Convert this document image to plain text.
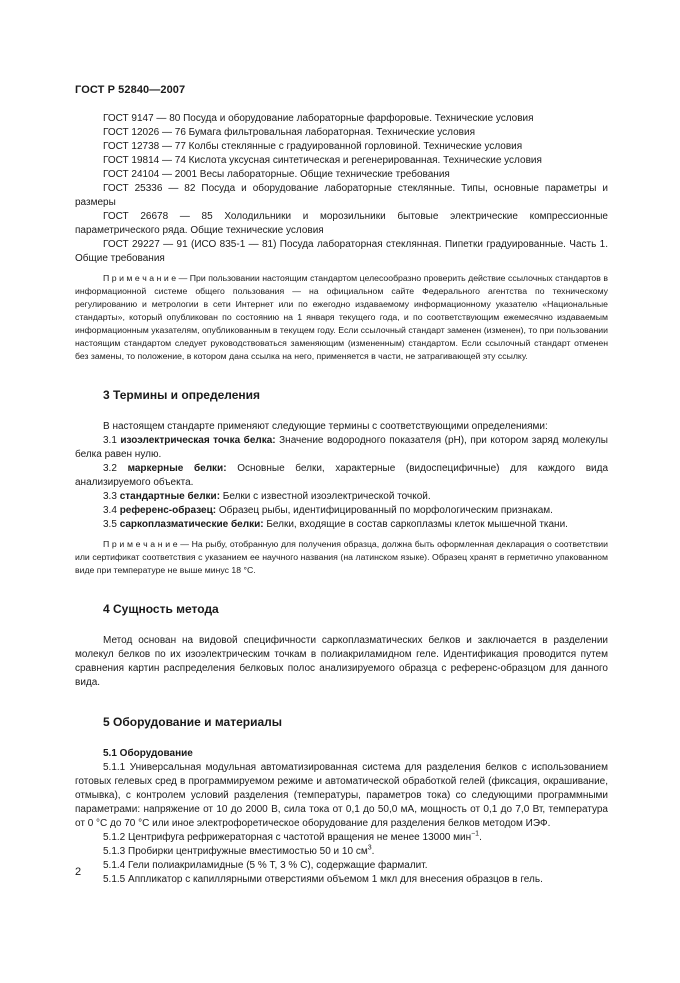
ГОСТ Р 52840—2007

ГОСТ 9147 — 80 Посуда и оборудование лабораторные фарфоровые. Технические условия

ГОСТ 12026 — 76 Бумага фильтровальная лабораторная. Технические условия

ГОСТ 12738 — 77 Колбы стеклянные с градуированной горловиной. Технические условия

ГОСТ 19814 — 74 Кислота уксусная синтетическая и регенерированная. Технические условия

ГОСТ 24104 — 2001 Весы лабораторные. Общие технические требования

ГОСТ 25336 — 82 Посуда и оборудование лабораторные стеклянные. Типы, основные параметры и размеры

ГОСТ 26678 — 85 Холодильники и морозильники бытовые электрические компрессионные параметрического ряда. Общие технические условия

ГОСТ 29227 — 91 (ИСО 835-1 — 81) Посуда лабораторная стеклянная. Пипетки градуированные. Часть 1. Общие требования

П р и м е ч а н и е — При пользовании настоящим стандартом целесообразно проверить действие ссылочных стандартов в информационной системе общего пользования — на официальном сайте Федерального агентства по техническому регулированию и метрологии в сети Интернет или по ежегодно издаваемому информационному указателю «Национальные стандарты», который опубликован по состоянию на 1 января текущего года, и по соответствующим ежемесячно издаваемым информационным указателям, опубликованным в текущем году. Если ссылочный стандарт заменен (изменен), то при пользовании настоящим стандартом следует руководствоваться заменяющим (измененным) стандартом. Если ссылочный стандарт отменен без замены, то положение, в котором дана ссылка на него, применяется в части, не затрагивающей эту ссылку.

3 Термины и определения

В настоящем стандарте применяют следующие термины с соответствующими определениями:

3.1 изоэлектрическая точка белка: Значение водородного показателя (pH), при котором заряд молекулы белка равен нулю.

3.2 маркерные белки: Основные белки, характерные (видоспецифичные) для каждого вида анализируемого объекта.

3.3 стандартные белки: Белки с известной изоэлектрической точкой.

3.4 референс-образец: Образец рыбы, идентифицированный по морфологическим признакам.

3.5 саркоплазматические белки: Белки, входящие в состав саркоплазмы клеток мышечной ткани.

П р и м е ч а н и е — На рыбу, отобранную для получения образца, должна быть оформленная декларация о соответствии или сертификат соответствия с указанием ее научного названия (на латинском языке). Образец хранят в герметично упакованном виде при температуре не выше минус 18 °С.

4 Сущность метода

Метод основан на видовой специфичности саркоплазматических белков и заключается в разделении молекул белков по их изоэлектрическим точкам в полиакриламидном геле. Идентификация проводится путем сравнения картин распределения белковых полос анализируемого образца с референс-образцом для данного вида.

5 Оборудование и материалы
5.1 Оборудование

5.1.1 Универсальная модульная автоматизированная система для разделения белков с использованием готовых гелевых сред в программируемом режиме и автоматической обработкой гелей (фиксация, окрашивание, отмывка), с контролем условий разделения (температуры, параметров тока) со следующими программными параметрами: напряжение от 10 до 2000 В, сила тока от 0,1 до 50,0 мА, мощность от 0,1 до 7,0 Вт, температура от 0 °С до 70 °С или иное электрофоретическое оборудование для разделения белков методом ИЭФ.

5.1.2 Центрифуга рефрижераторная с частотой вращения не менее 13000 мин$^{-1}$.

5.1.3 Пробирки центрифужные вместимостью 50 и 10 $см^3$.

5.1.4 Гели полиакриламидные (5 % Т, 3 % С), содержащие фармалит.

5.1.5 Аппликатор с капиллярными отверстиями объемом 1 мкл для внесения образцов в гель.

2
